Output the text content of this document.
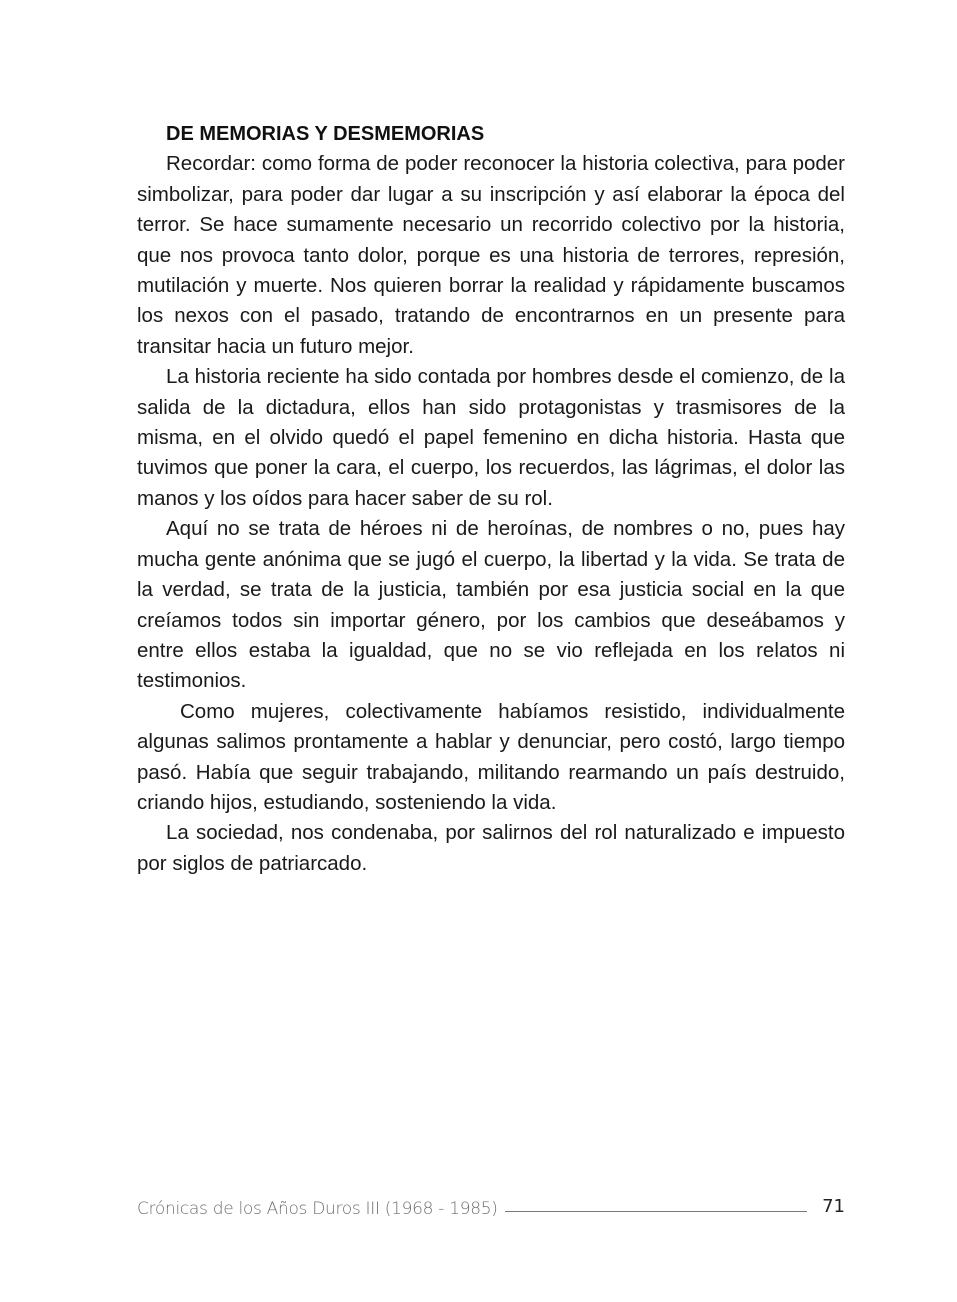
DE MEMORIAS Y DESMEMORIAS

Recordar: como forma de poder reconocer la historia colectiva, para poder simbolizar, para poder dar lugar a su inscripción y así elaborar la época del terror. Se hace sumamente necesario un recorrido colectivo por la historia, que nos provoca tanto dolor, porque es una historia de terrores, represión, mutilación y muerte. Nos quieren borrar la realidad y rápidamente buscamos los nexos con el pasado, tratando de encontrarnos en un presente para transitar hacia un futuro mejor.

La historia reciente ha sido contada por hombres desde el comienzo, de la salida de la dictadura, ellos han sido protagonistas y trasmisores de la misma, en el olvido quedó el papel femenino en dicha historia. Hasta que tuvimos que poner la cara, el cuerpo, los recuerdos, las lágrimas, el dolor las manos y los oídos para hacer saber de su rol.

Aquí no se trata de héroes ni de heroínas, de nombres o no, pues hay mucha gente anónima que se jugó el cuerpo, la libertad y la vida. Se trata de la verdad, se trata de la justicia, también por esa justicia social en la que creíamos todos sin importar género, por los cambios que deseábamos y entre ellos estaba la igualdad, que no se vio reflejada en los relatos ni testimonios.

Como mujeres, colectivamente habíamos resistido, individualmente algunas salimos prontamente a hablar y denunciar, pero costó, largo tiempo pasó. Había que seguir trabajando, militando rearmando un país destruido, criando hijos, estudiando, sosteniendo la vida.

La sociedad, nos condenaba, por salirnos del rol naturalizado e impuesto por siglos de patriarcado.

Crónicas de los Años Duros III (1968 - 1985)	71
